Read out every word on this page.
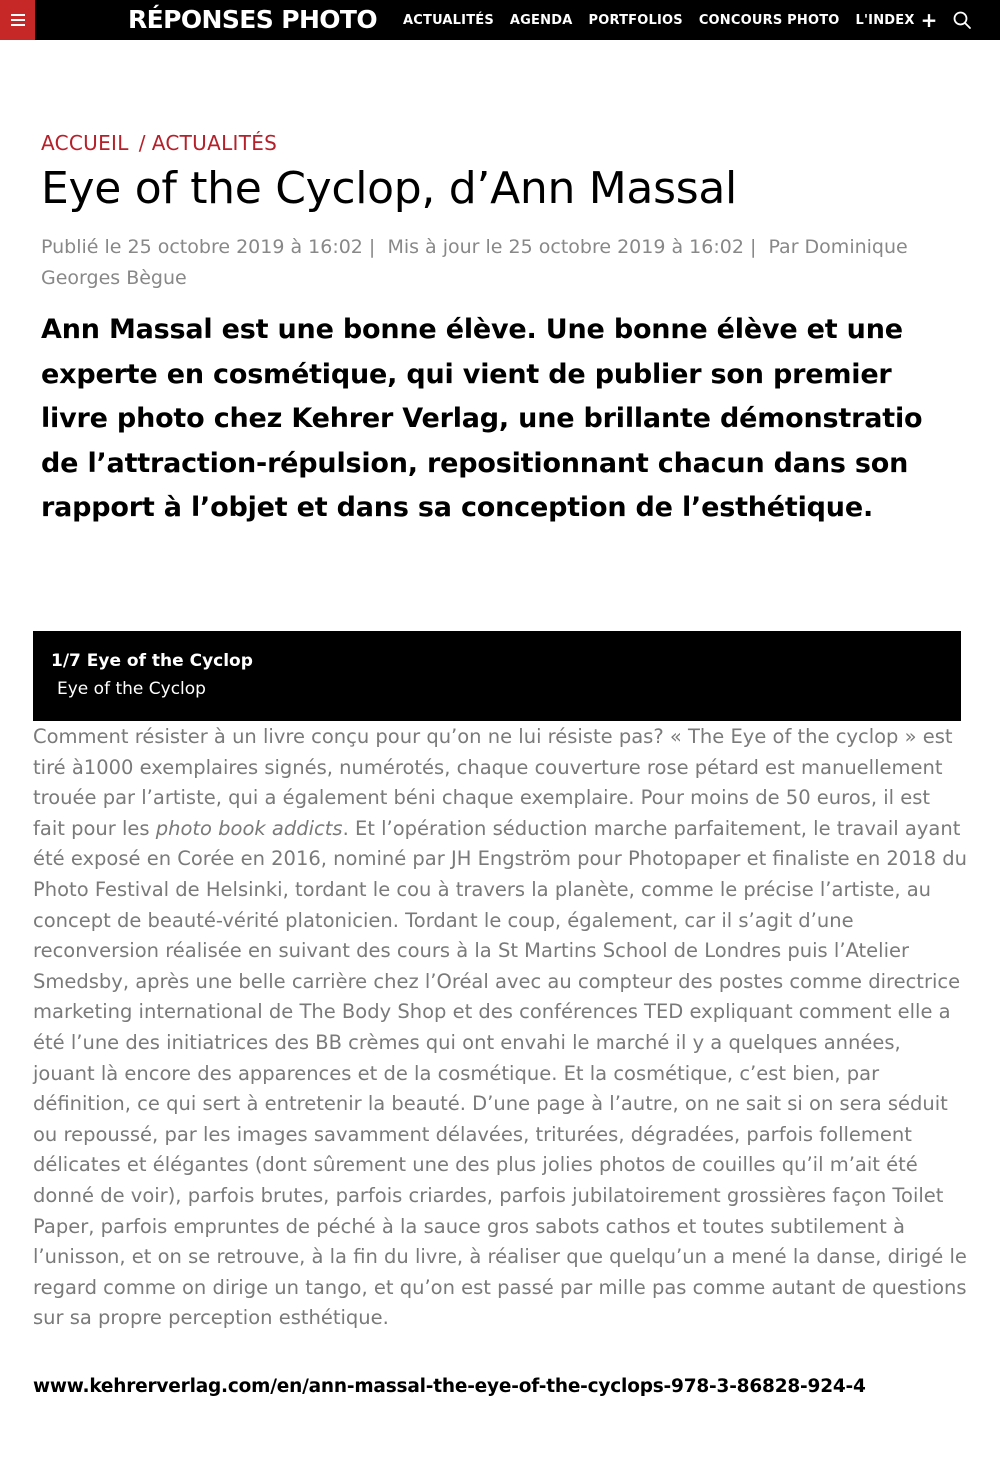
RÉPONSES PHOTO ACTUALITÉS AGENDA PORTFOLIOS CONCOURS PHOTO L'INDEX +
ACCUEIL / ACTUALITÉS
Eye of the Cyclop, d’Ann Massal
Publié le 25 octobre 2019 à 16:02 | Mis à jour le 25 octobre 2019 à 16:02 | Par Dominique Georges Bègue

Ann Massal est une bonne élève. Une bonne élève et une experte en cosmétique, qui vient de publier son premier livre photo chez Kehrer Verlag, une brillante démonstratio de l’attraction-répulsion, repositionnant chacun dans son rapport à l’objet et dans sa conception de l’esthétique.

1/7 Eye of the Cyclop
Eye of the Cyclop

Comment résister à un livre conçu pour qu’on ne lui résiste pas? « The Eye of the cyclop » est tiré à1000 exemplaires signés, numérotés, chaque couverture rose pétard est manuellement trouée par l’artiste, qui a également béni chaque exemplaire. Pour moins de 50 euros, il est fait pour les photo book addicts. Et l’opération séduction marche parfaitement, le travail ayant été exposé en Corée en 2016, nominé par JH Engström pour Photopaper et finaliste en 2018 du Photo Festival de Helsinki, tordant le cou à travers la planète, comme le précise l’artiste, au concept de beauté-vérité platonicien. Tordant le coup, également, car il s’agit d’une reconversion réalisée en suivant des cours à la St Martins School de Londres puis l’Atelier Smedsby, après une belle carrière chez l’Oréal avec au compteur des postes comme directrice marketing international de The Body Shop et des conférences TED expliquant comment elle a été l’une des initiatrices des BB crèmes qui ont envahi le marché il y a quelques années, jouant là encore des apparences et de la cosmétique. Et la cosmétique, c’est bien, par définition, ce qui sert à entretenir la beauté. D’une page à l’autre, on ne sait si on sera séduit ou repoussé, par les images savamment délavées, triturées, dégradées, parfois follement délicates et élégantes (dont sûrement une des plus jolies photos de couilles qu’il m’ait été donné de voir), parfois brutes, parfois criardes, parfois jubilatoirement grossières façon Toilet Paper, parfois empruntes de péché à la sauce gros sabots cathos et toutes subtilement à l’unisson, et on se retrouve, à la fin du livre, à réaliser que quelqu’un a mené la danse, dirigé le regard comme on dirige un tango, et qu’on est passé par mille pas comme autant de questions sur sa propre perception esthétique.

www.kehrerverlag.com/en/ann-massal-the-eye-of-the-cyclops-978-3-86828-924-4
